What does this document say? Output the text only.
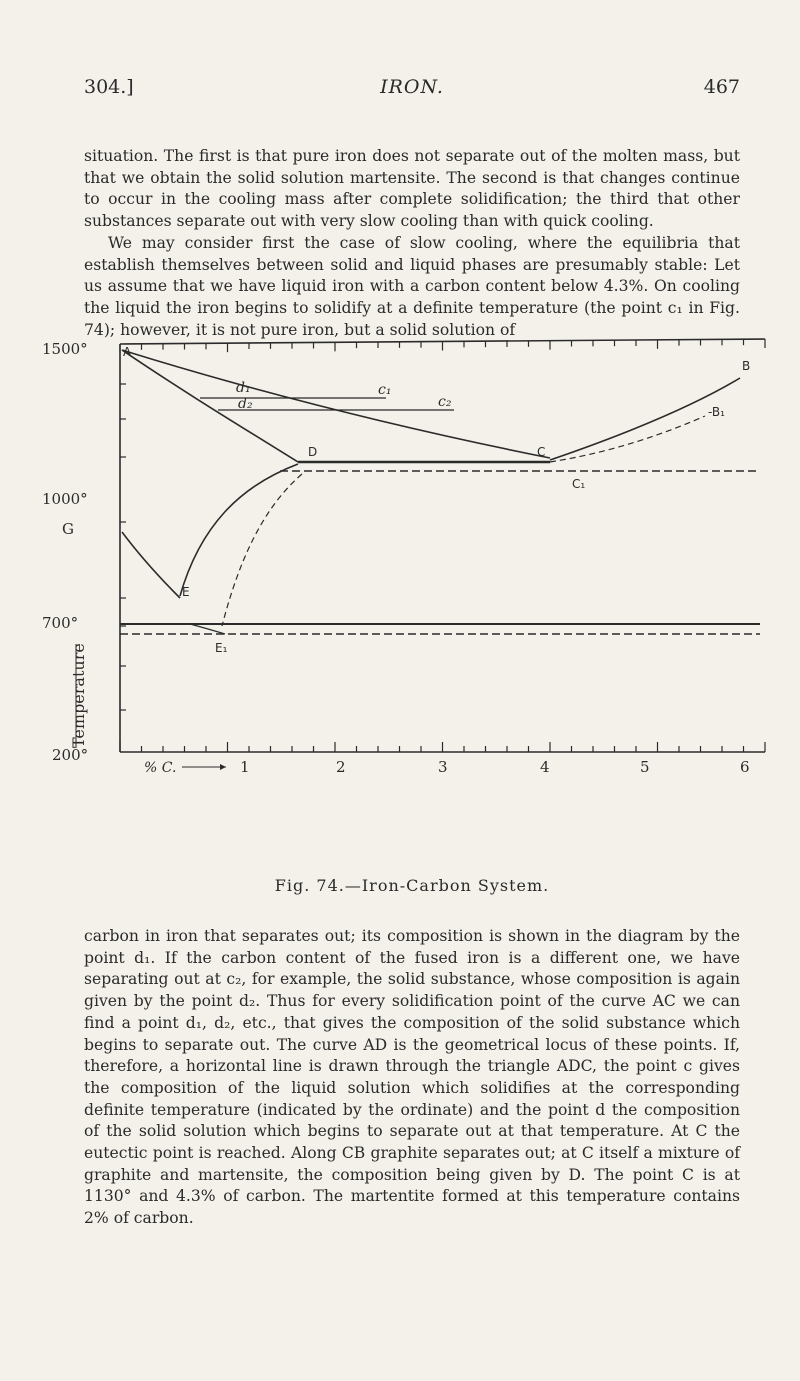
304.]	IRON.	467

situation. The first is that pure iron does not separate out of the molten mass, but that we obtain the solid solution martensite. The second is that changes continue to occur in the cooling mass after complete solidification; the third that other substances separate out with very slow cooling than with quick cooling.

We may consider first the case of slow cooling, where the equilibria that establish themselves between solid and liquid phases are presumably stable: Let us assume that we have liquid iron with a carbon content below 4.3%. On cooling the liquid the iron begins to solidify at a definite temperature (the point c₁ in Fig. 74); however, it is not pure iron, but a solid solution of

1500°
1000°
G
700°
200°
Temperature
A
B
-B₁
d₁
d₂
c₁
c₂
D	C
C₁
E
E₁
1	2	3	4	5	6
% C.
Fig. 74.—Iron-Carbon System.

carbon in iron that separates out; its composition is shown in the diagram by the point d₁. If the carbon content of the fused iron is a different one, we have separating out at c₂, for example, the solid substance, whose composition is again given by the point d₂. Thus for every solidification point of the curve AC we can find a point d₁, d₂, etc., that gives the composition of the solid substance which begins to separate out. The curve AD is the geometrical locus of these points. If, therefore, a horizontal line is drawn through the triangle ADC, the point c gives the composition of the liquid solution which solidifies at the corresponding definite temperature (indicated by the ordinate) and the point d the composition of the solid solution which begins to separate out at that temperature. At C the eutectic point is reached. Along CB graphite separates out; at C itself a mixture of graphite and martensite, the composition being given by D. The point C is at 1130° and 4.3% of carbon. The martentite formed at this temperature contains 2% of carbon.
